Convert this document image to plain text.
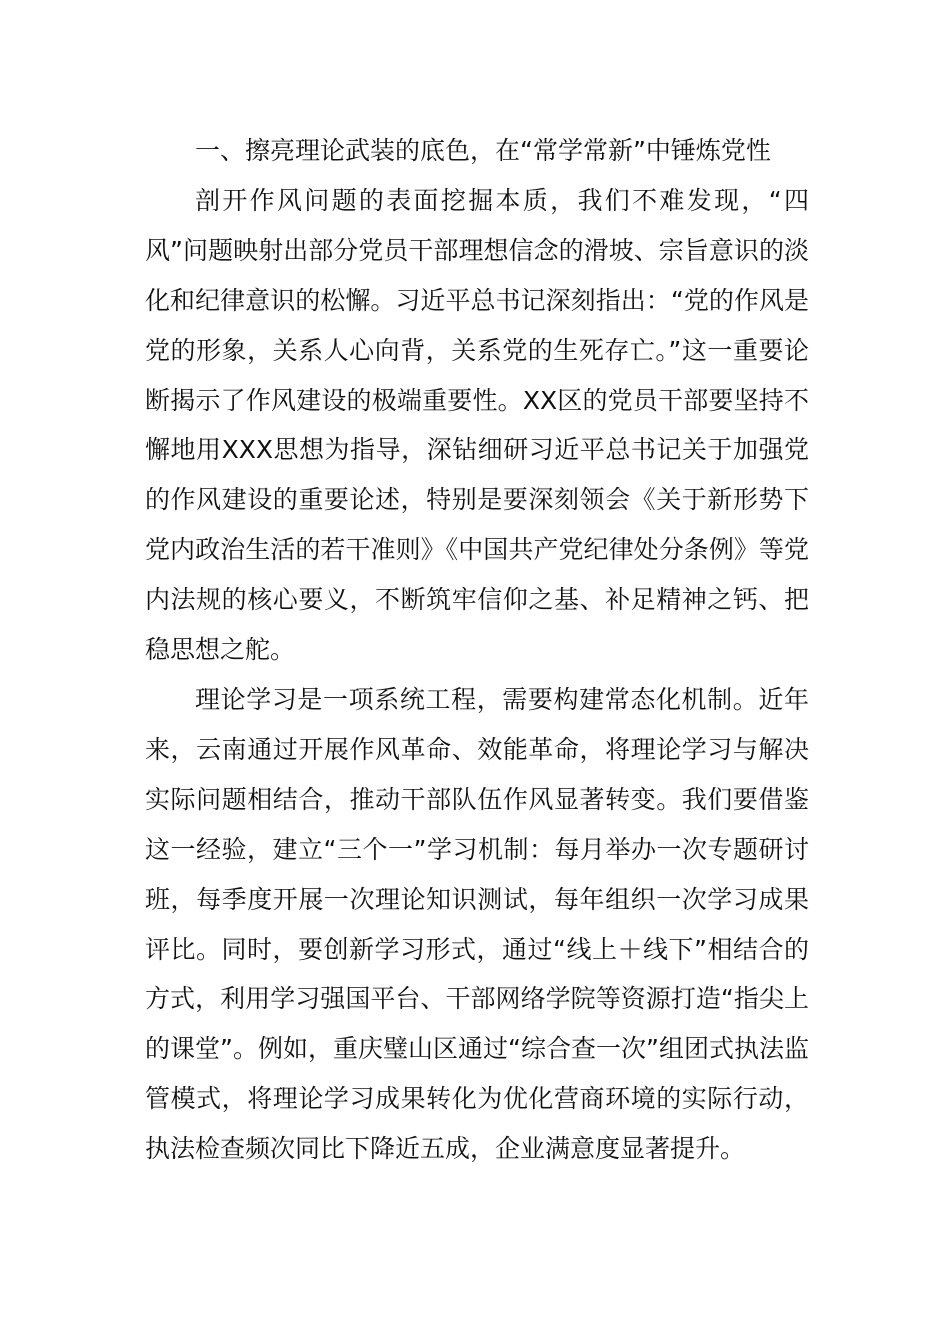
一、擦亮理论武装的底色，在“常学常新”中锤炼党性

剖开作风问题的表面挖掘本质，我们不难发现，“四风”问题映射出部分党员干部理想信念的滑坡、宗旨意识的淡化和纪律意识的松懈。习近平总书记深刻指出：“党的作风是党的形象，关系人心向背，关系党的生死存亡。”这一重要论断揭示了作风建设的极端重要性。XX区的党员干部要坚持不懈地用XXX思想为指导，深钻细研习近平总书记关于加强党的作风建设的重要论述，特别是要深刻领会《关于新形势下党内政治生活的若干准则》《中国共产党纪律处分条例》等党内法规的核心要义，不断筑牢信仰之基、补足精神之钙、把稳思想之舵。

理论学习是一项系统工程，需要构建常态化机制。近年来，云南通过开展作风革命、效能革命，将理论学习与解决实际问题相结合，推动干部队伍作风显著转变。我们要借鉴这一经验，建立“三个一”学习机制：每月举办一次专题研讨班，每季度开展一次理论知识测试，每年组织一次学习成果评比。同时，要创新学习形式，通过“线上＋线下”相结合的方式，利用学习强国平台、干部网络学院等资源打造“指尖上的课堂”。例如，重庆璧山区通过“综合查一次”组团式执法监管模式，将理论学习成果转化为优化营商环境的实际行动，执法检查频次同比下降近五成，企业满意度显著提升。
